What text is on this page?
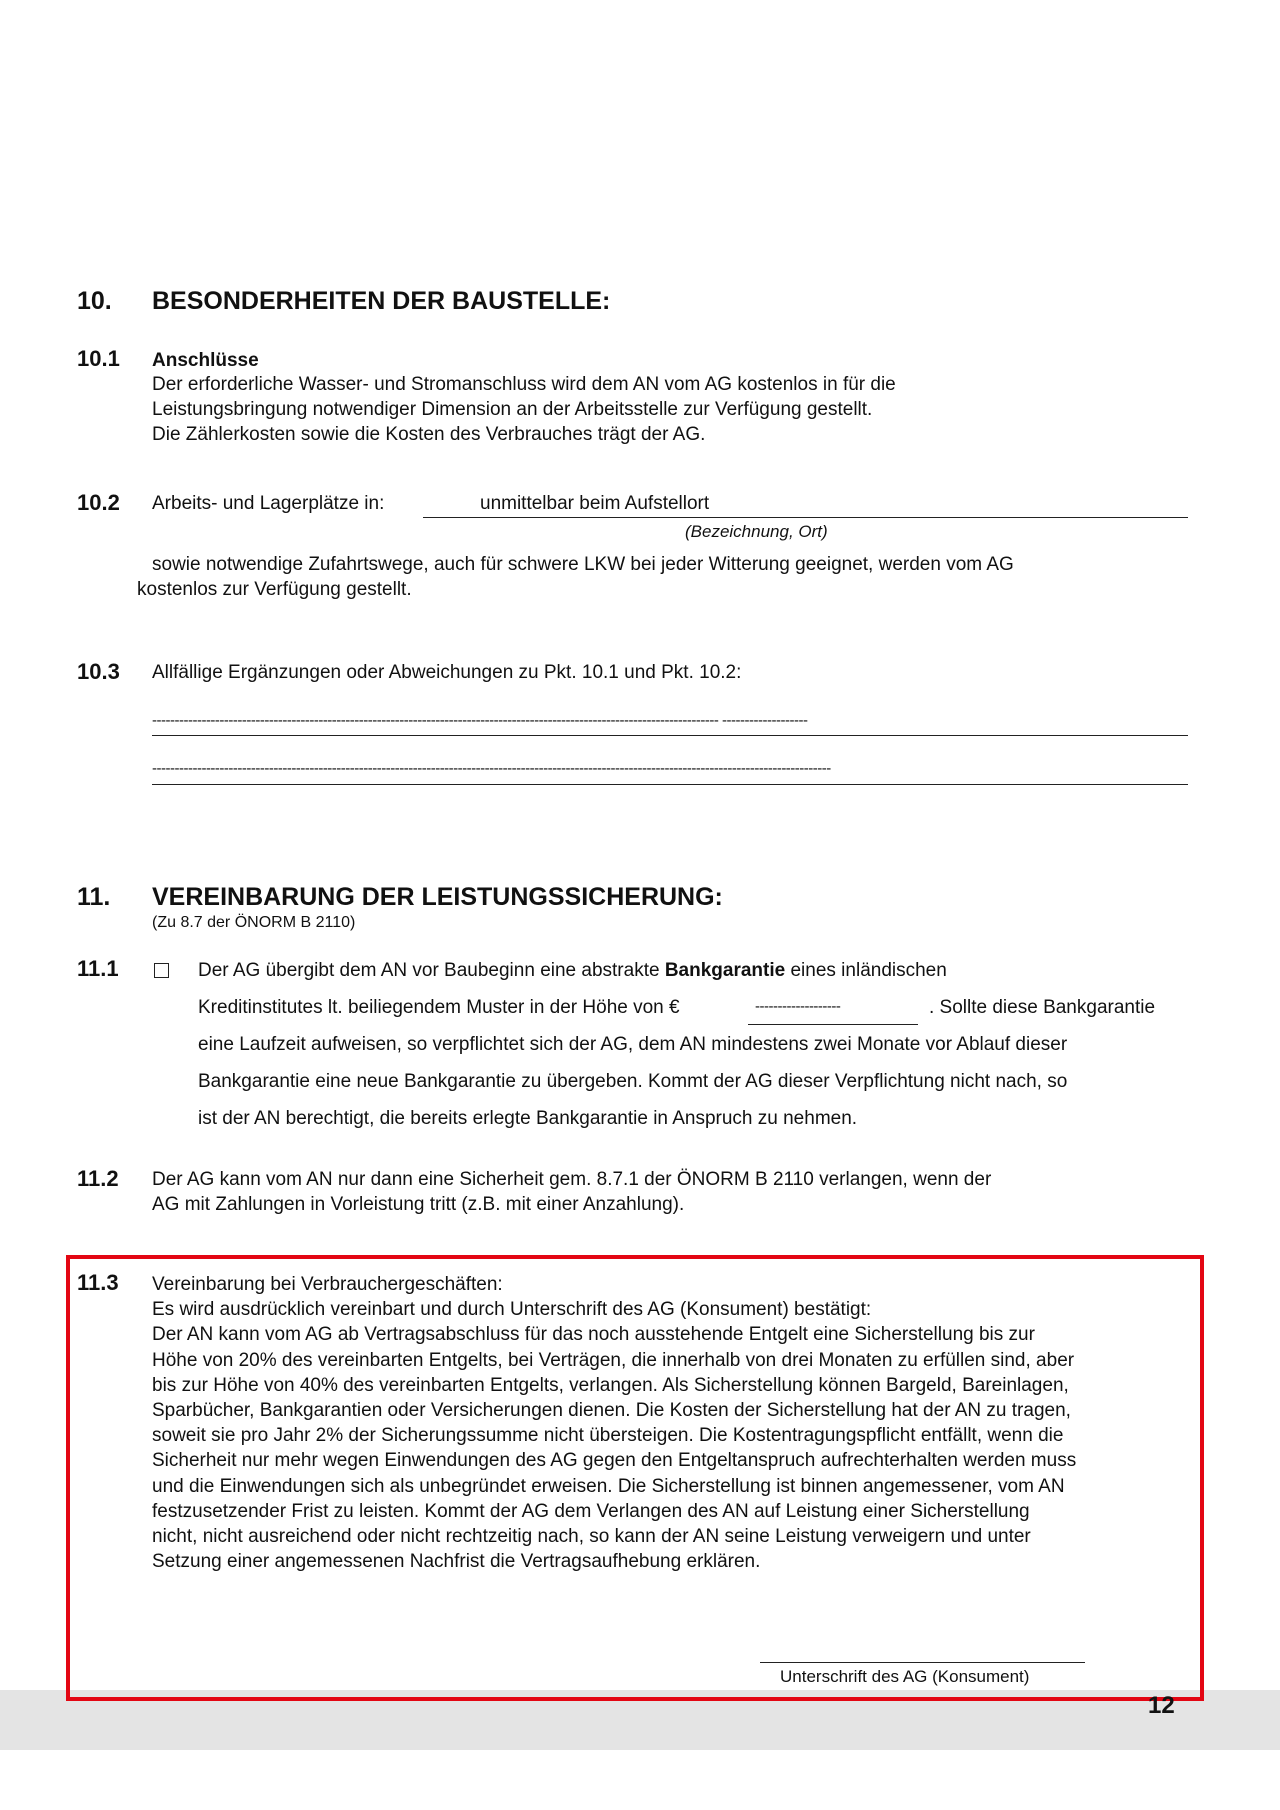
10. BESONDERHEITEN DER BAUSTELLE:
10.1 Anschlüsse
Der erforderliche Wasser- und Stromanschluss wird dem AN vom AG kostenlos in für die
Leistungsbringung notwendiger Dimension an der Arbeitsstelle zur Verfügung gestellt.
Die Zählerkosten sowie die Kosten des Verbrauches trägt der AG.
10.2 Arbeits- und Lagerplätze in:	unmittelbar beim Aufstellort
(Bezeichnung, Ort)
sowie notwendige Zufahrtswege, auch für schwere LKW bei jeder Witterung geeignet, werden vom AG
kostenlos zur Verfügung gestellt.
10.3 Allfällige Ergänzungen oder Abweichungen zu Pkt. 10.1 und Pkt. 10.2:
------------------------------------------------------------------------------------------------------------------------------ -------------------
-------------------------------------------------------------------------------------------------------------------------------------------------------
11. VEREINBARUNG DER LEISTUNGSSICHERUNG:
(Zu 8.7 der ÖNORM B 2110)
11.1	Der AG übergibt dem AN vor Baubeginn eine abstrakte Bankgarantie eines inländischen
Kreditinstitutes lt. beiliegendem Muster in der Höhe von €	-------------------	. Sollte diese Bankgarantie
eine Laufzeit aufweisen, so verpflichtet sich der AG, dem AN mindestens zwei Monate vor Ablauf dieser
Bankgarantie eine neue Bankgarantie zu übergeben. Kommt der AG dieser Verpflichtung nicht nach, so
ist der AN berechtigt, die bereits erlegte Bankgarantie in Anspruch zu nehmen.
11.2 Der AG kann vom AN nur dann eine Sicherheit gem. 8.7.1 der ÖNORM B 2110 verlangen, wenn der
AG mit Zahlungen in Vorleistung tritt (z.B. mit einer Anzahlung).
11.3 Vereinbarung bei Verbrauchergeschäften:
Es wird ausdrücklich vereinbart und durch Unterschrift des AG (Konsument) bestätigt:
Der AN kann vom AG ab Vertragsabschluss für das noch ausstehende Entgelt eine Sicherstellung bis zur
Höhe von 20% des vereinbarten Entgelts, bei Verträgen, die innerhalb von drei Monaten zu erfüllen sind, aber
bis zur Höhe von 40% des vereinbarten Entgelts, verlangen. Als Sicherstellung können Bargeld, Bareinlagen,
Sparbücher, Bankgarantien oder Versicherungen dienen. Die Kosten der Sicherstellung hat der AN zu tragen,
soweit sie pro Jahr 2% der Sicherungssumme nicht übersteigen. Die Kostentragungspflicht entfällt, wenn die
Sicherheit nur mehr wegen Einwendungen des AG gegen den Entgeltanspruch aufrechterhalten werden muss
und die Einwendungen sich als unbegründet erweisen. Die Sicherstellung ist binnen angemessener, vom AN
festzusetzender Frist zu leisten. Kommt der AG dem Verlangen des AN auf Leistung einer Sicherstellung
nicht, nicht ausreichend oder nicht rechtzeitig nach, so kann der AN seine Leistung verweigern und unter
Setzung einer angemessenen Nachfrist die Vertragsaufhebung erklären.
Unterschrift des AG (Konsument)
12
